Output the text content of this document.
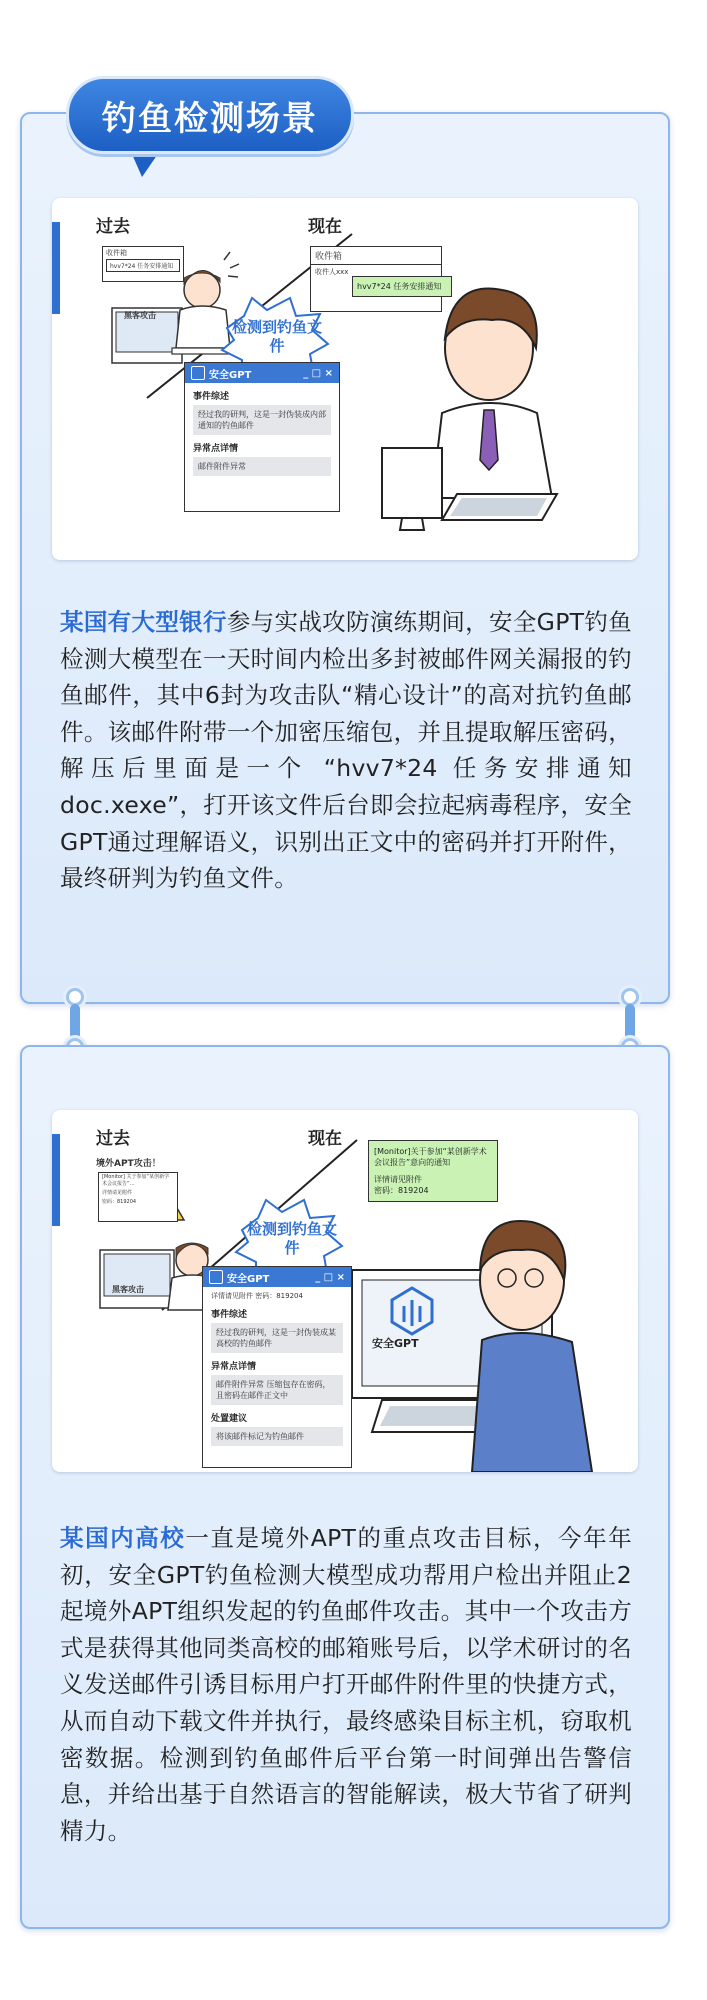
钓鱼检测场景
过去	现在
收件箱
hvv7*24 任务安排通知
黑客攻击
收件箱
收件人xxx
hvv7*24 任务安排通知
检测到钓鱼文件
安全GPT	_ □ ×
事件综述
经过我的研判，这是一封伪装成内部通知的钓鱼邮件
异常点详情
邮件附件异常
某国有大型银行参与实战攻防演练期间，安全GPT钓鱼检测大模型在一天时间内检出多封被邮件网关漏报的钓鱼邮件，其中6封为攻击队“精心设计”的高对抗钓鱼邮件。该邮件附带一个加密压缩包，并且提取解压密码，解压后里面是一个 “hvv7*24 任务安排通知 doc.xexe”，打开该文件后台即会拉起病毒程序，安全GPT通过理解语义，识别出正文中的密码并打开附件，最终研判为钓鱼文件。
过去	现在
境外APT攻击！
[Monitor] 关于参加“某创新学术会议报告”…
详情请见附件
密码：819204
黑客攻击
[Monitor]关于参加“某创新学术会议报告”意向的通知
详情请见附件
密码：819204
检测到钓鱼文件
安全GPT
安全GPT	_ □ ×
详情请见附件 密码：819204
事件综述
经过我的研判，这是一封伪装成某高校的钓鱼邮件
异常点详情
邮件附件异常 压缩包存在密码，且密码在邮件正文中
处置建议
将该邮件标记为钓鱼邮件
某国内高校一直是境外APT的重点攻击目标，今年年初，安全GPT钓鱼检测大模型成功帮用户检出并阻止2起境外APT组织发起的钓鱼邮件攻击。其中一个攻击方式是获得其他同类高校的邮箱账号后，以学术研讨的名义发送邮件引诱目标用户打开邮件附件里的快捷方式，从而自动下载文件并执行，最终感染目标主机，窃取机密数据。检测到钓鱼邮件后平台第一时间弹出告警信息，并给出基于自然语言的智能解读，极大节省了研判精力。
